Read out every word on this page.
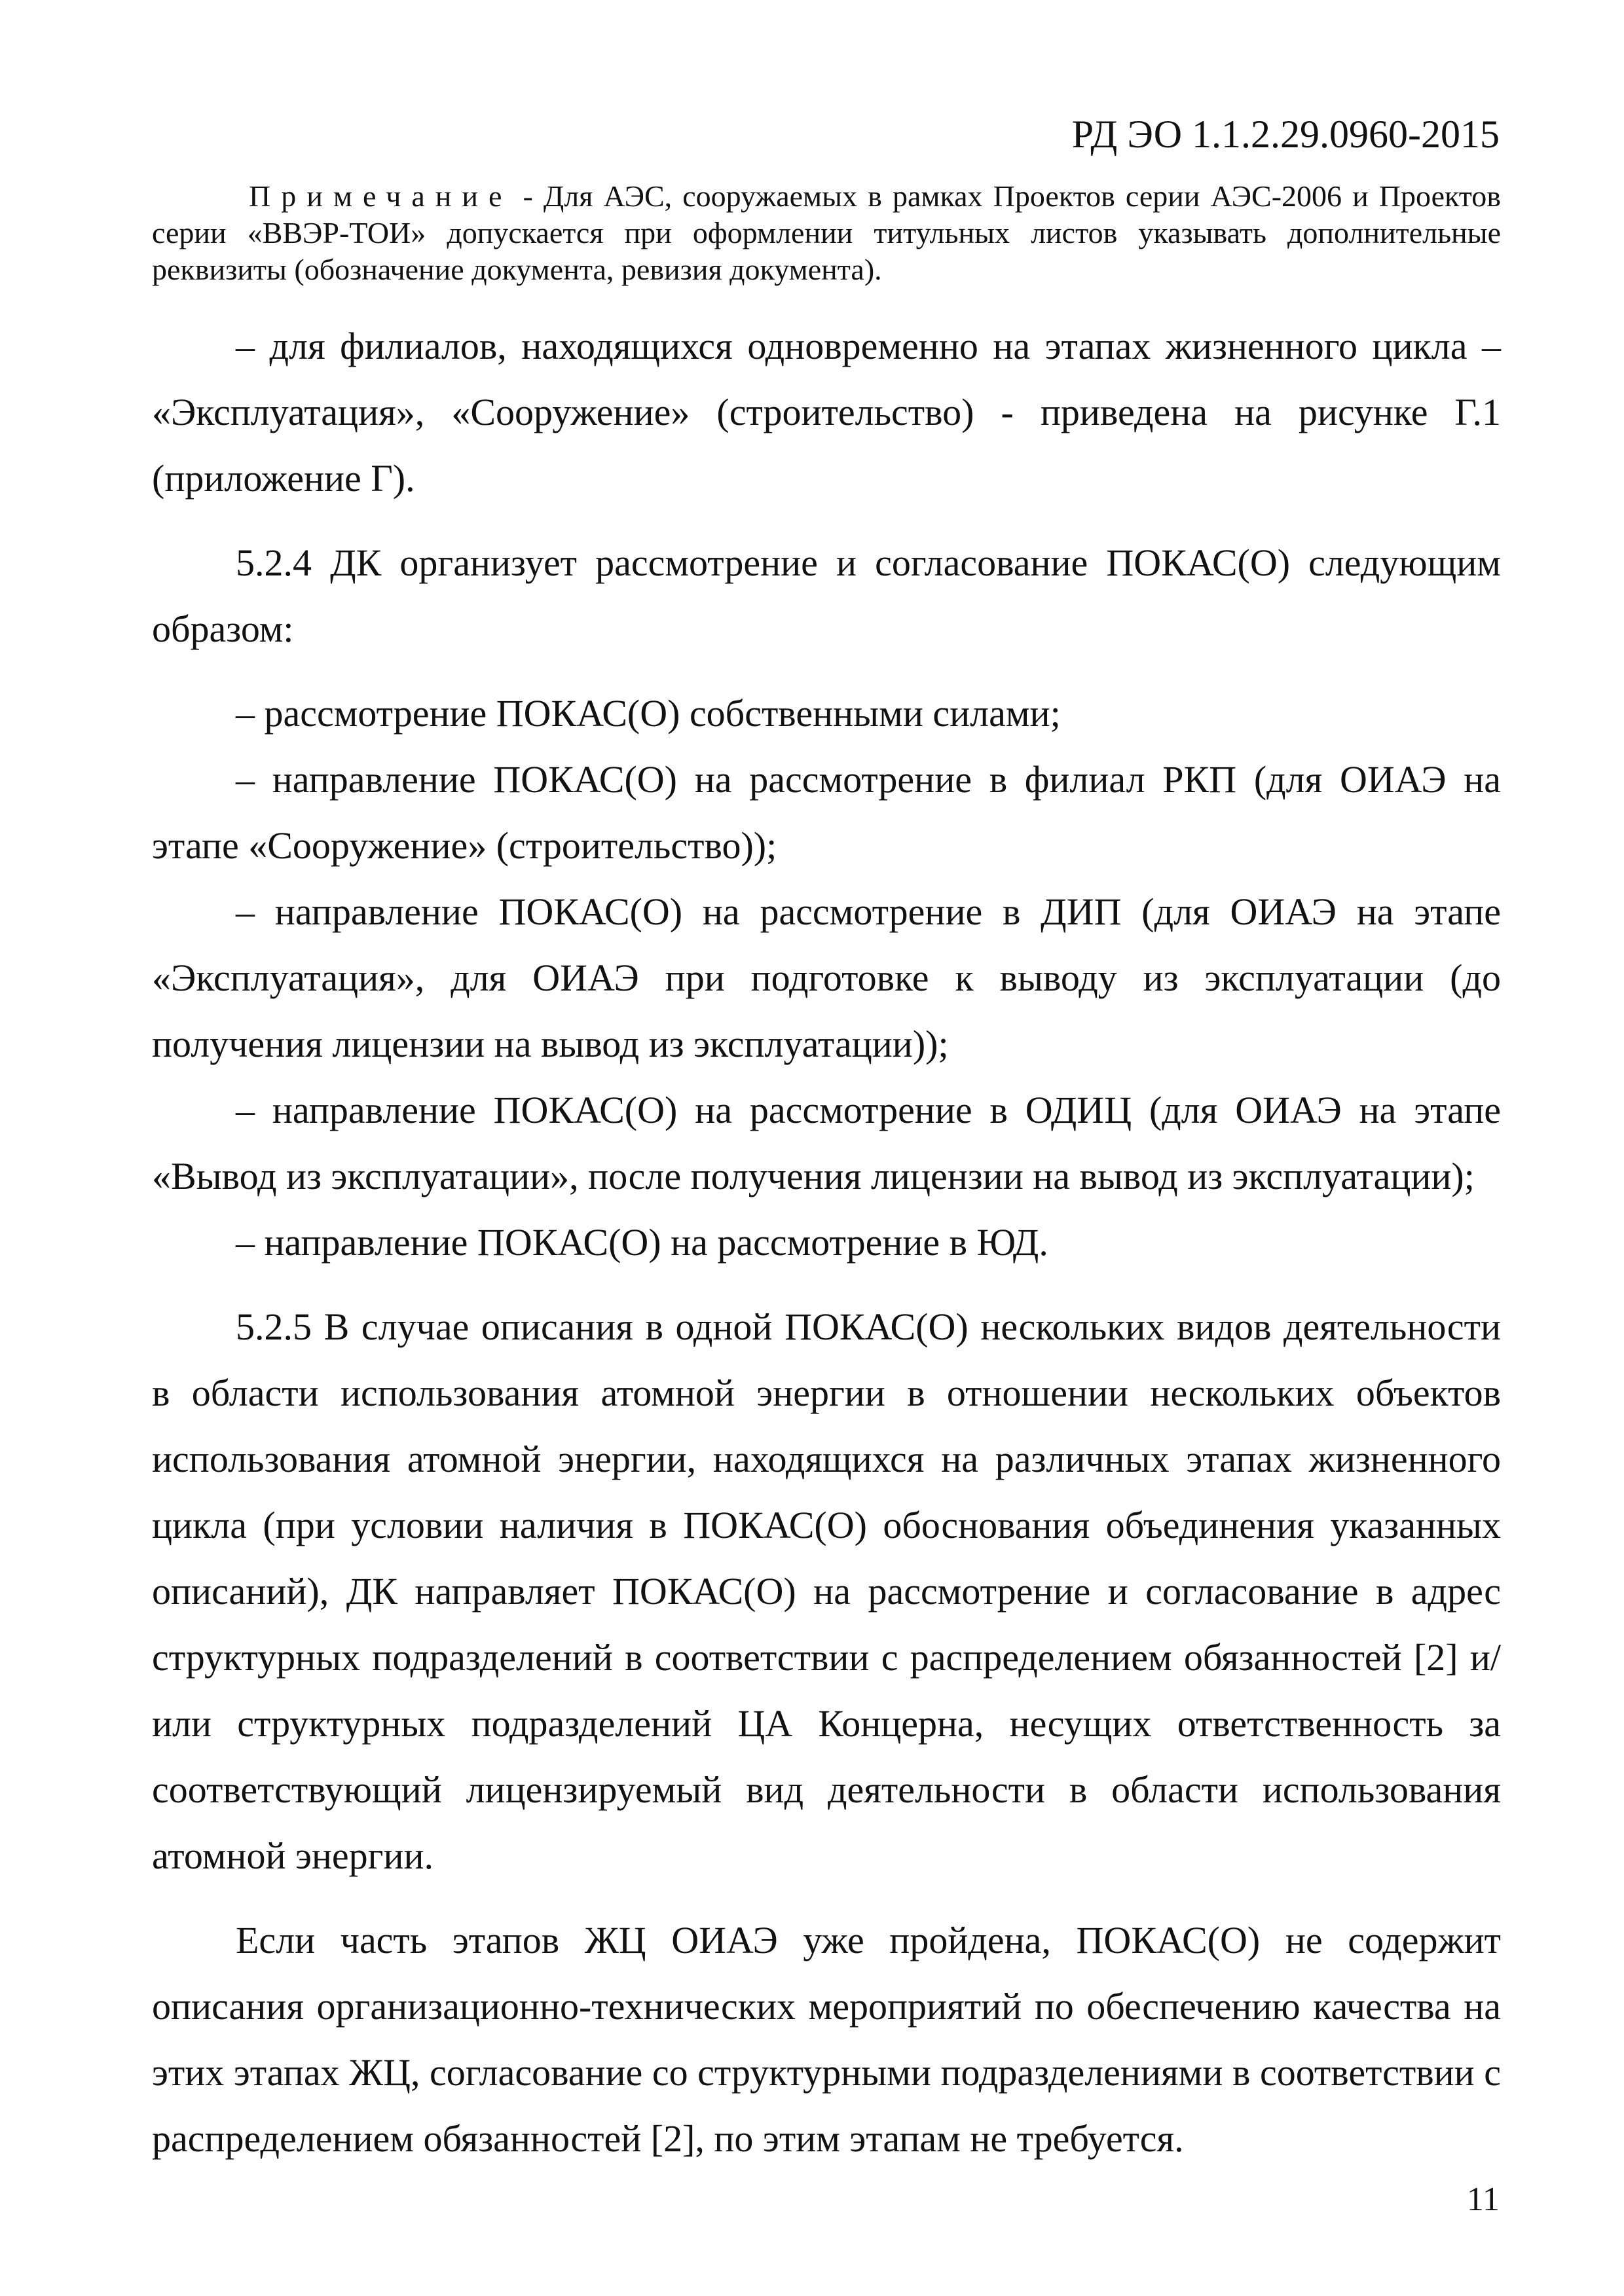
РД ЭО 1.1.2.29.0960-2015
Примечание - Для АЭС, сооружаемых в рамках Проектов серии АЭС-2006 и Проектов серии «ВВЭР-ТОИ» допускается при оформлении титульных листов указывать дополнительные реквизиты (обозначение документа, ревизия документа).

– для филиалов, находящихся одновременно на этапах жизненного цикла – «Эксплуатация», «Сооружение» (строительство) - приведена на рисунке Г.1 (приложение Г).

5.2.4 ДК организует рассмотрение и согласование ПОКАС(О) следующим образом:

– рассмотрение ПОКАС(О) собственными силами;

– направление ПОКАС(О) на рассмотрение в филиал РКП (для ОИАЭ на этапе «Сооружение» (строительство));

– направление ПОКАС(О) на рассмотрение в ДИП (для ОИАЭ на этапе «Эксплуатация», для ОИАЭ при подготовке к выводу из эксплуатации (до получения лицензии на вывод из эксплуатации));

– направление ПОКАС(О) на рассмотрение в ОДИЦ (для ОИАЭ на этапе «Вывод из эксплуатации», после получения лицензии на вывод из эксплуатации);

– направление ПОКАС(О) на рассмотрение в ЮД.

5.2.5 В случае описания в одной ПОКАС(О) нескольких видов деятельности в области использования атомной энергии в отношении нескольких объектов использования атомной энергии, находящихся на различных этапах жизненного цикла (при условии наличия в ПОКАС(О) обоснования объединения указанных описаний), ДК направляет ПОКАС(О) на рассмотрение и согласование в адрес структурных подразделений в соответствии с распределением обязанностей [2] и/или структурных подразделений ЦА Концерна, несущих ответственность за соответствующий лицензируемый вид деятельности в области использования атомной энергии.

Если часть этапов ЖЦ ОИАЭ уже пройдена, ПОКАС(О) не содержит описания организационно-технических мероприятий по обеспечению качества на этих этапах ЖЦ, согласование со структурными подразделениями в соответствии с распределением обязанностей [2], по этим этапам не требуется.

11
